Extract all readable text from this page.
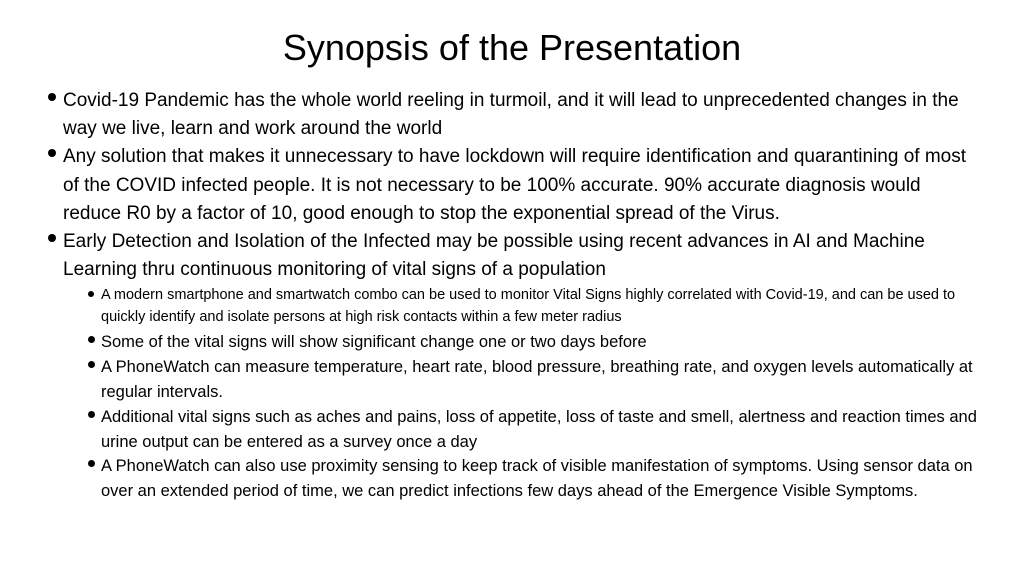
Synopsis of the Presentation
Covid-19 Pandemic has the whole world reeling in turmoil, and it will lead to unprecedented changes in the way we live, learn and work around the world
Any solution that makes it unnecessary to have lockdown will require identification and quarantining of most of the COVID infected people. It is not necessary to be 100% accurate. 90% accurate diagnosis would reduce R0 by a factor of 10, good enough to stop the exponential spread of the Virus.
Early Detection and Isolation of the Infected may be possible using recent advances in AI and Machine Learning thru continuous monitoring of vital signs of a population
A modern smartphone and smartwatch combo can be used to monitor Vital Signs highly correlated with Covid-19, and can be used to quickly identify and isolate persons at high risk contacts within a few meter radius
Some of the vital signs will show significant change one or two days before
A PhoneWatch can measure temperature, heart rate, blood pressure, breathing rate, and oxygen levels automatically at regular intervals.
Additional vital signs such as aches and pains, loss of appetite, loss of taste and smell, alertness and reaction times and urine output can be entered as a survey once a day
A PhoneWatch can also use proximity sensing to keep track of visible manifestation of symptoms. Using sensor data on over an extended period of time, we can predict infections few days ahead of the Emergence Visible Symptoms.
